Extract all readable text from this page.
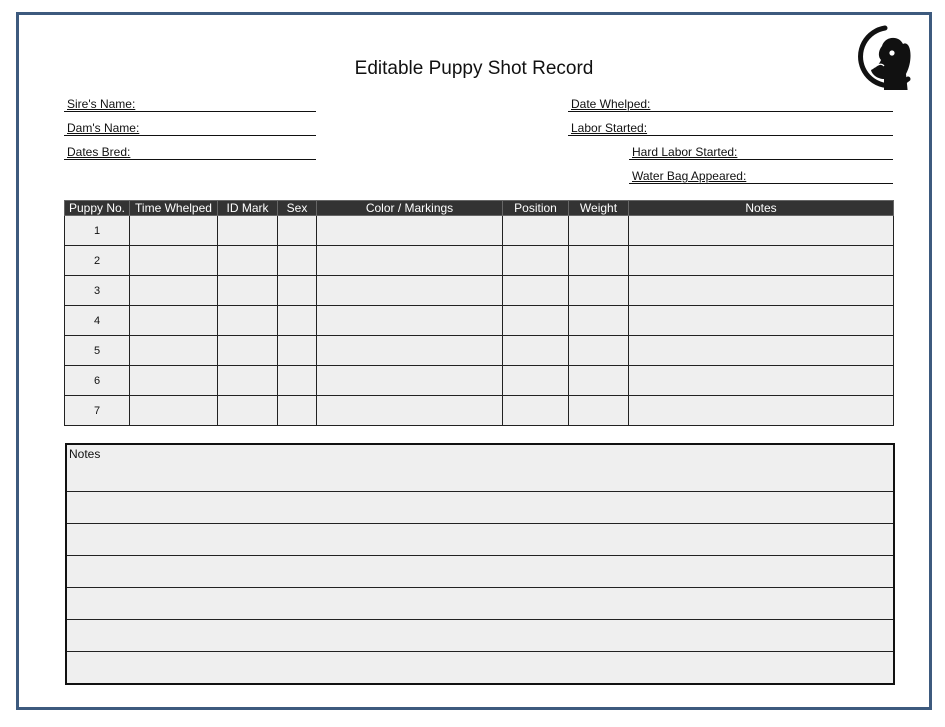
Editable Puppy Shot Record
Sire's Name:
Dam's Name:
Dates Bred:
Date Whelped:
Labor Started:
Hard Labor Started:
Water Bag Appeared:
Puppy No.	Time Whelped	ID Mark	Sex	Color / Markings	Position	Weight	Notes
1							
2							
3							
4							
5							
6							
7							
Notes
